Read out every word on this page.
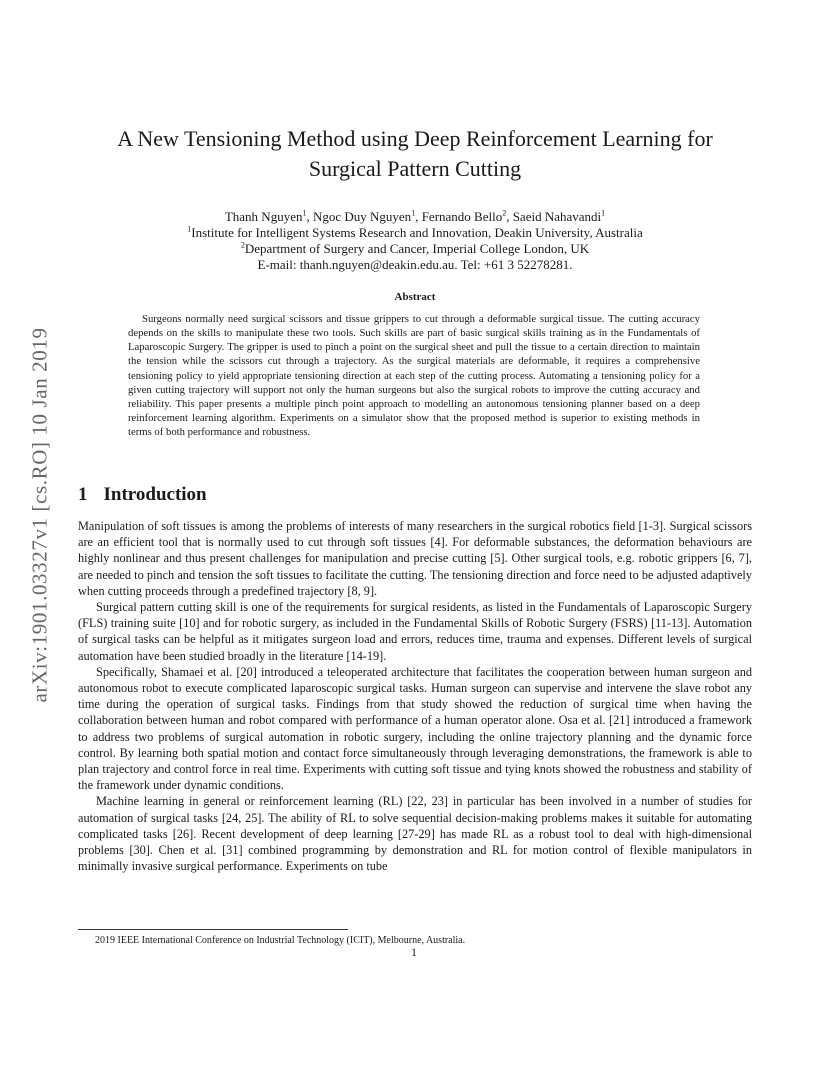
arXiv:1901.03327v1 [cs.RO] 10 Jan 2019
A New Tensioning Method using Deep Reinforcement Learning for
Surgical Pattern Cutting
Thanh Nguyen$^1$, Ngoc Duy Nguyen$^1$, Fernando Bello$^2$, Saeid Nahavandi$^1$
$^1$Institute for Intelligent Systems Research and Innovation, Deakin University, Australia
$^2$Department of Surgery and Cancer, Imperial College London, UK
E-mail: thanh.nguyen@deakin.edu.au. Tel: +61 3 52278281.
Abstract

Surgeons normally need surgical scissors and tissue grippers to cut through a deformable surgical tissue. The cutting accuracy depends on the skills to manipulate these two tools. Such skills are part of basic surgical skills training as in the Fundamentals of Laparoscopic Surgery. The gripper is used to pinch a point on the surgical sheet and pull the tissue to a certain direction to maintain the tension while the scissors cut through a trajectory. As the surgical materials are deformable, it requires a comprehensive tensioning policy to yield appropriate tensioning direction at each step of the cutting process. Automating a tensioning policy for a given cutting trajectory will support not only the human surgeons but also the surgical robots to improve the cutting accuracy and reliability. This paper presents a multiple pinch point approach to modelling an autonomous tensioning planner based on a deep reinforcement learning algorithm. Experiments on a simulator show that the proposed method is superior to existing methods in terms of both performance and robustness.

1 Introduction

Manipulation of soft tissues is among the problems of interests of many researchers in the surgical robotics field [1-3]. Surgical scissors are an efficient tool that is normally used to cut through soft tissues [4]. For deformable substances, the deformation behaviours are highly nonlinear and thus present challenges for manipulation and precise cutting [5]. Other surgical tools, e.g. robotic grippers [6, 7], are needed to pinch and tension the soft tissues to facilitate the cutting. The tensioning direction and force need to be adjusted adaptively when cutting proceeds through a predefined trajectory [8, 9].

Surgical pattern cutting skill is one of the requirements for surgical residents, as listed in the Fundamentals of Laparoscopic Surgery (FLS) training suite [10] and for robotic surgery, as included in the Fundamental Skills of Robotic Surgery (FSRS) [11-13]. Automation of surgical tasks can be helpful as it mitigates surgeon load and errors, reduces time, trauma and expenses. Different levels of surgical automation have been studied broadly in the literature [14-19].

Specifically, Shamaei et al. [20] introduced a teleoperated architecture that facilitates the cooperation between human surgeon and autonomous robot to execute complicated laparoscopic surgical tasks. Human surgeon can supervise and intervene the slave robot any time during the operation of surgical tasks. Findings from that study showed the reduction of surgical time when having the collaboration between human and robot compared with performance of a human operator alone. Osa et al. [21] introduced a framework to address two problems of surgical automation in robotic surgery, including the online trajectory planning and the dynamic force control. By learning both spatial motion and contact force simultaneously through leveraging demonstrations, the framework is able to plan trajectory and control force in real time. Experiments with cutting soft tissue and tying knots showed the robustness and stability of the framework under dynamic conditions.

Machine learning in general or reinforcement learning (RL) [22, 23] in particular has been involved in a number of studies for automation of surgical tasks [24, 25]. The ability of RL to solve sequential decision-making problems makes it suitable for automating complicated tasks [26]. Recent development of deep learning [27-29] has made RL as a robust tool to deal with high-dimensional problems [30]. Chen et al. [31] combined programming by demonstration and RL for motion control of flexible manipulators in minimally invasive surgical performance. Experiments on tube

2019 IEEE International Conference on Industrial Technology (ICIT), Melbourne, Australia.
1
